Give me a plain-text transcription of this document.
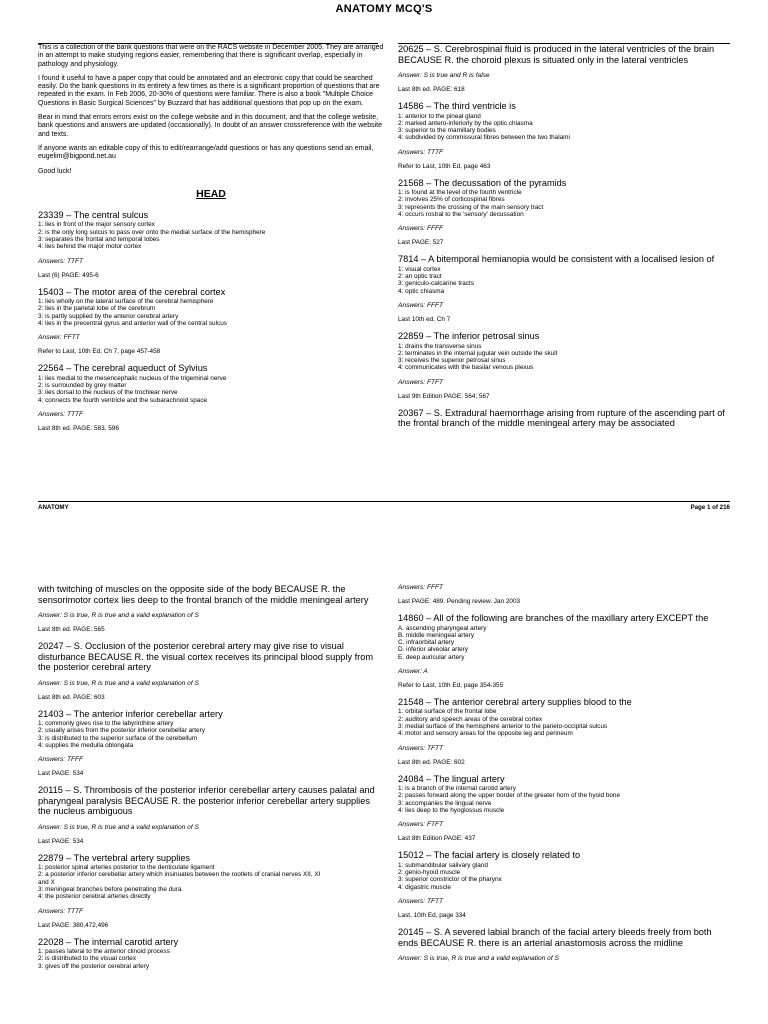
ANATOMY MCQ'S

This is a collection of the bank questions that were on the RACS website in December 2005. They are arranged in an attempt to make studying regions easier, remembering that there is significant overlap, especially in pathology and physiology.

I found it useful to have a paper copy that could be annotated and an electronic copy that could be searched easily. Do the bank questions in its entirety a few times as there is a significant proportion of questions that are repeated in the exam. In Feb 2006, 20-30% of questions were familiar. There is also a book "Multiple Choice Questions in Basic Surgical Sciences" by Buzzard that has additional questions that pop up on the exam.

Bear in mind that errors errors exist on the college website and in this document, and that the college website, bank questions and answers are updated (occasionally). In doubt of an answer crossreference with the website and texts.

If anyone wants an editable copy of this to edit/rearrange/add questions or has any questions send an email, eugelim@bigpond.net.au

Good luck!

HEAD
23339 – The central sulcus
1: lies in front of the major sensory cortex
2: is the only long sulcus to pass over onto the medial surface of the hemisphere
3: separates the frontal and temporal lobes
4: lies behind the major motor cortex
Answers: TTFT
Last (6) PAGE: 495-6
15403 – The motor area of the cerebral cortex
1: lies wholly on the lateral surface of the cerebral hemisphere
2: lies in the parietal lobe of the cerebrum
3: is partly supplied by the anterior cerebral artery
4: lies in the precentral gyrus and anterior wall of the central sulcus
Answer: FFTT
Refer to Last, 10th Ed, Ch 7, page 457-458
22564 – The cerebral aqueduct of Sylvius
1: lies medial to the mesencephalic nucleus of the trigeminal nerve
2: is surrounded by grey matter
3: lies dorsal to the nucleus of the trochlear nerve
4: connects the fourth ventricle and the subarachnoid space
Answers: TTTF
Last 8th ed. PAGE: 583, 596
20625 – S. Cerebrospinal fluid is produced in the lateral ventricles of the brain BECAUSE R. the choroid plexus is situated only in the lateral ventricles
Answer: S is true and R is false
Last 8th ed. PAGE: 618
14586 – The third ventricle is
1: anterior to the pineal gland
2: marked antero-inferiorly by the optic chiasma
3: superior to the mamillary bodies
4: subdivided by commissural fibres between the two thalami
Answers: TTTF
Refer to Last, 10th Ed, page 463
21568 – The decussation of the pyramids
1: is found at the level of the fourth ventricle
2: involves 25% of corticospinal fibres
3: represents the crossing of the main sensory tract
4: occurs rostral to the 'sensory' decussation
Answers: FFFF
Last PAGE: 527
7814 – A bitemporal hemianopia would be consistent with a localised lesion of
1: visual cortex
2: an optic tract
3: geniculo-calcarine tracts
4: optic chiasma
Answers: FFFT
Last 10th ed, Ch 7
22859 – The inferior petrosal sinus
1: drains the transverse sinus
2: terminates in the internal jugular vein outside the skull
3: receives the superior petrosal sinus
4: communicates with the basilar venous plexus
Answers: FTFT
Last 9th Edition PAGE: 564; 567
20367 – S. Extradural haemorrhage arising from rupture of the ascending part of the frontal branch of the middle meningeal artery may be associated
ANATOMY	Page 1 of 216
with twitching of muscles on the opposite side of the body BECAUSE R. the sensorimotor cortex lies deep to the frontal branch of the middle meningeal artery
Answer: S is true, R is true and a valid explanation of S
Last 8th ed. PAGE: 565
20247 – S. Occlusion of the posterior cerebral artery may give rise to visual disturbance BECAUSE R. the visual cortex receives its principal blood supply from the posterior cerebral artery
Answer: S is true, R is true and a valid explanation of S
Last 8th ed. PAGE: 603
21403 – The anterior inferior cerebellar artery
1: commonly gives rise to the labyrinthine artery
2: usually arises from the posterior inferior cerebellar artery
3: is distributed to the superior surface of the cerebellum
4: supplies the medulla oblongata
Answers: TFFF
Last PAGE: 534
20115 – S. Thrombosis of the posterior inferior cerebellar artery causes palatal and pharyngeal paralysis BECAUSE R. the posterior inferior cerebellar artery supplies the nucleus ambiguous
Answer: S is true, R is true and a valid explanation of S
Last PAGE: 534
22879 – The vertebral artery supplies
1: posterior spinal arteries posterior to the denticulate ligament
2: a posterior inferior cerebellar artery which insinuates between the rootlets of cranial nerves XII, XI
and X
3: meningeal branches before penetrating the dura
4: the posterior cerebral arteries directly
Answers: TTTF
Last PAGE: 380,472,496
22028 – The internal carotid artery
1: passes lateral to the anterior clinoid process
2: is distributed to the visual cortex
3: gives off the posterior cerebral artery
Answers: FFFT
Last PAGE: 489. Pending review. Jan 2003
14860 – All of the following are branches of the maxillary artery EXCEPT the
A. ascending pharyngeal artery
B. middle meningeal artery
C. infraorbital artery
D. inferior alveolar artery
E. deep auricular artery
Answer: A
Refer to Last, 10th Ed, page 354-355
21548 – The anterior cerebral artery supplies blood to the
1: orbital surface of the frontal lobe
2: auditory and speech areas of the cerebral cortex
3: medial surface of the hemisphere anterior to the parieto-occipital sulcus
4: motor and sensory areas for the opposite leg and perineum
Answers: TFTT
Last 8th ed. PAGE: 602
24084 – The lingual artery
1: is a branch of the internal carotid artery
2: passes forward along the upper border of the greater horn of the hyoid bone
3: accompanies the lingual nerve
4: lies deep to the hyoglossus muscle
Answers: FTFT
Last 8th Edition PAGE: 437
15012 – The facial artery is closely related to
1: submandibular salivary gland
2: genio-hyoid muscle
3: superior constrictor of the pharynx
4: digastric muscle
Answers: TFTT
Last, 10th Ed, page 334
20145 – S. A severed labial branch of the facial artery bleeds freely from both ends BECAUSE R. there is an arterial anastomosis across the midline
Answer: S is true, R is true and a valid explanation of S
